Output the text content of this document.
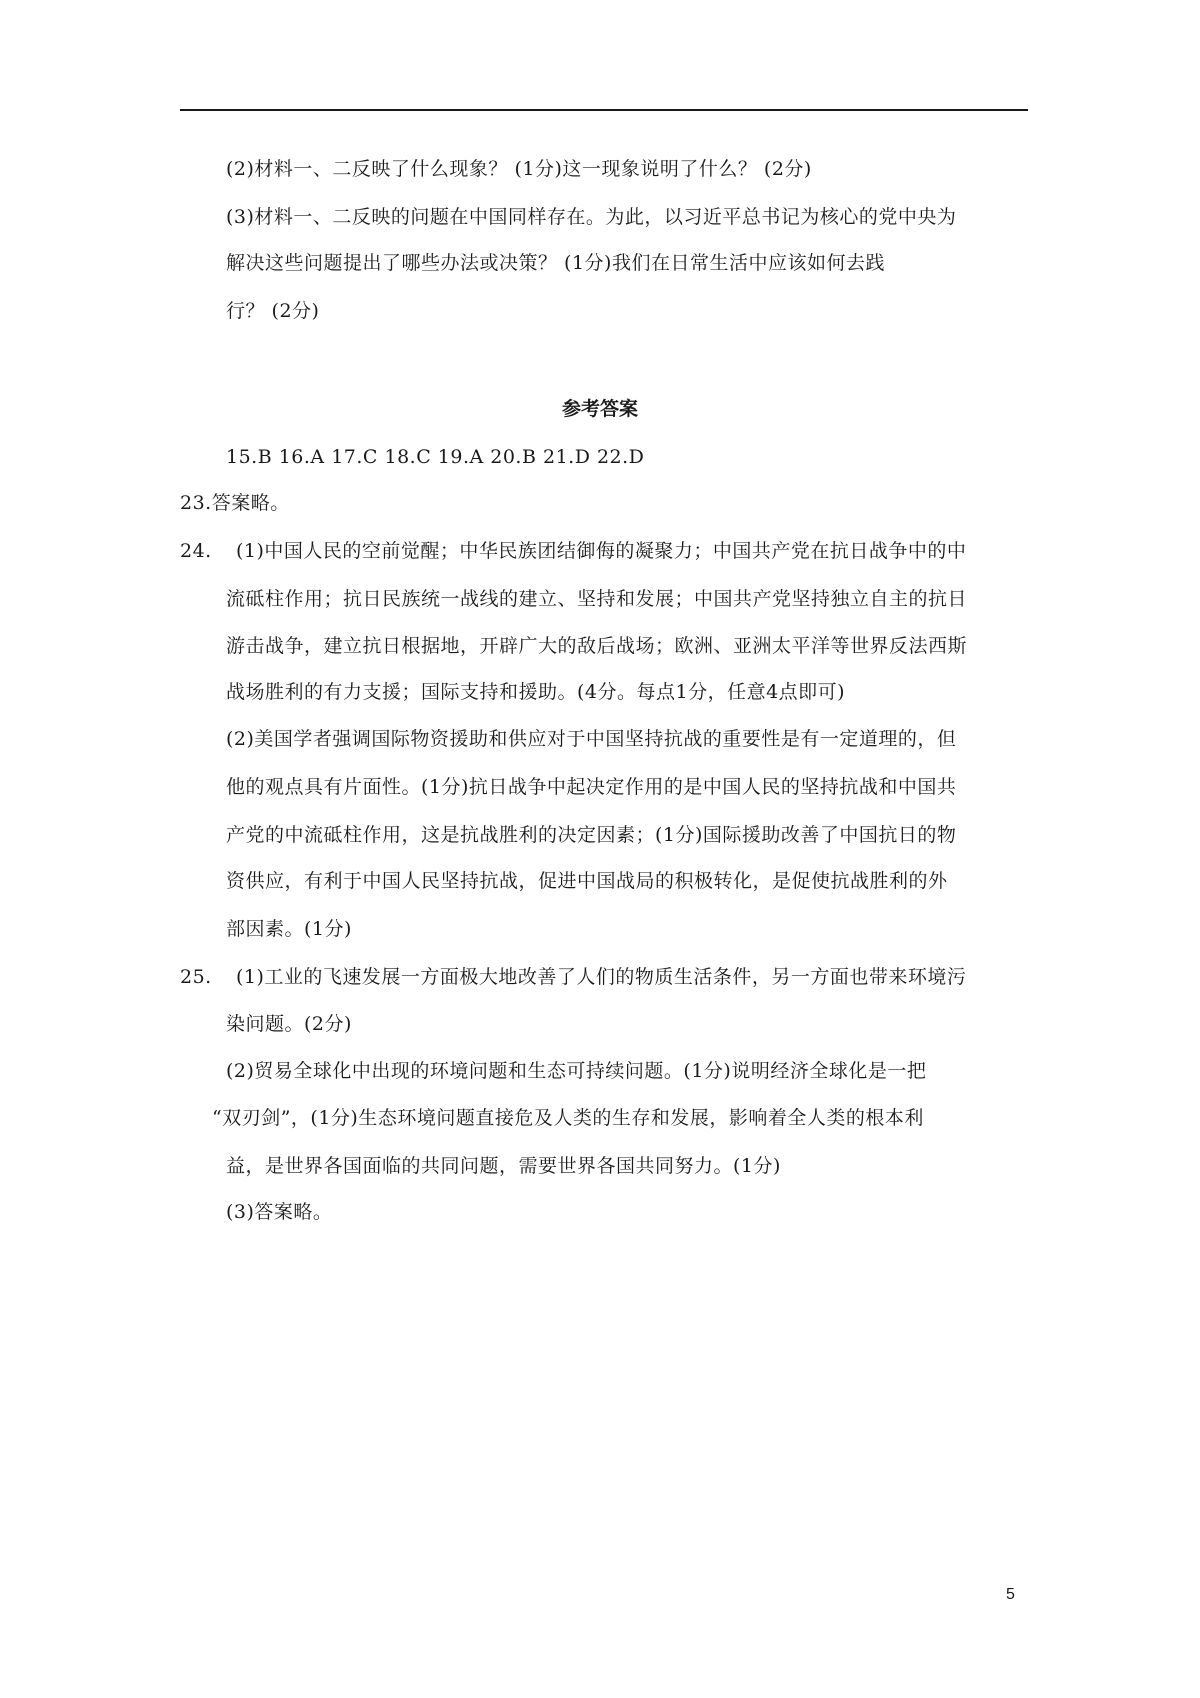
(2)材料一、二反映了什么现象？ (1分)这一现象说明了什么？ (2分)
(3)材料一、二反映的问题在中国同样存在。为此，以习近平总书记为核心的党中央为
解决这些问题提出了哪些办法或决策？ (1分)我们在日常生活中应该如何去践
行？ (2分)
参考答案
15.B 16.A 17.C 18.C 19.A 20.B 21.D 22.D
23.答案略。
24. (1)中国人民的空前觉醒；中华民族团结御侮的凝聚力；中国共产党在抗日战争中的中
流砥柱作用；抗日民族统一战线的建立、坚持和发展；中国共产党坚持独立自主的抗日
游击战争，建立抗日根据地，开辟广大的敌后战场；欧洲、亚洲太平洋等世界反法西斯
战场胜利的有力支援；国际支持和援助。(4分。每点1分，任意4点即可)
(2)美国学者强调国际物资援助和供应对于中国坚持抗战的重要性是有一定道理的，但
他的观点具有片面性。(1分)抗日战争中起决定作用的是中国人民的坚持抗战和中国共
产党的中流砥柱作用，这是抗战胜利的决定因素；(1分)国际援助改善了中国抗日的物
资供应，有利于中国人民坚持抗战，促进中国战局的积极转化，是促使抗战胜利的外
部因素。(1分)
25. (1)工业的飞速发展一方面极大地改善了人们的物质生活条件，另一方面也带来环境污
染问题。(2分)
(2)贸易全球化中出现的环境问题和生态可持续问题。(1分)说明经济全球化是一把
“双刃剑”，(1分)生态环境问题直接危及人类的生存和发展，影响着全人类的根本利
益，是世界各国面临的共同问题，需要世界各国共同努力。(1分)
(3)答案略。
5
